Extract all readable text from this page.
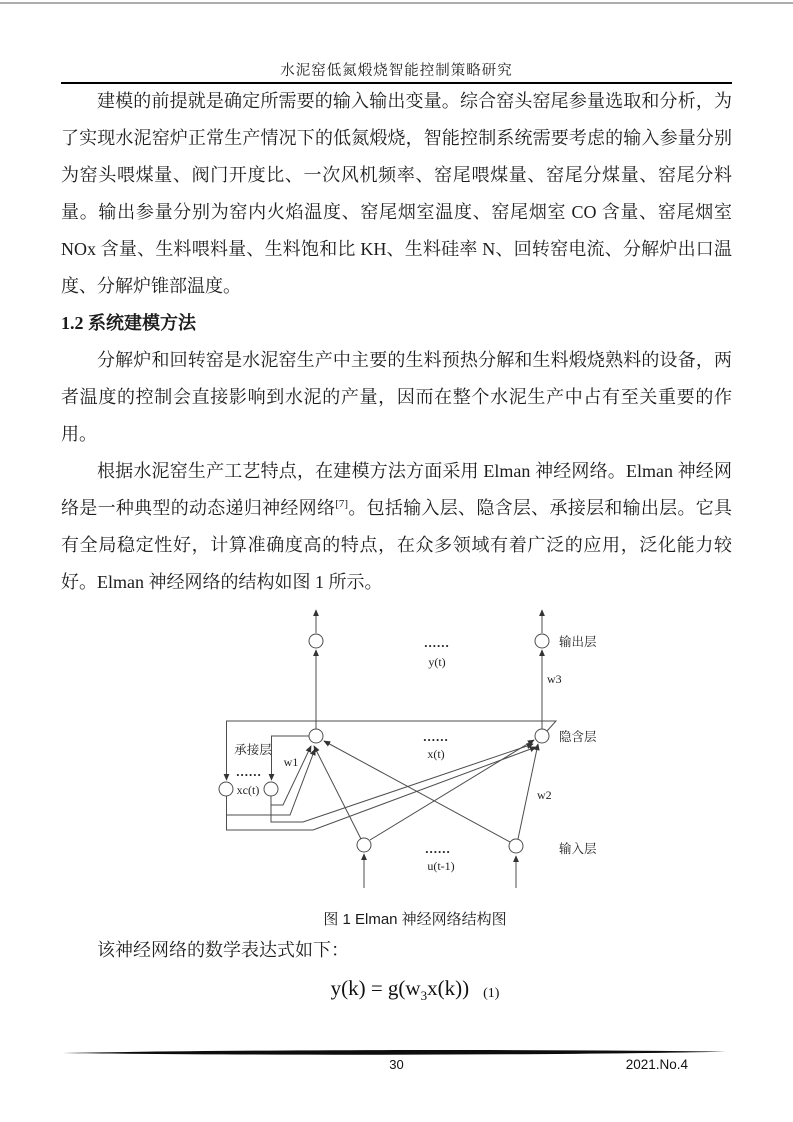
水泥窑低氮煅烧智能控制策略研究

建模的前提就是确定所需要的输入输出变量。综合窑头窑尾参量选取和分析，为了实现水泥窑炉正常生产情况下的低氮煅烧，智能控制系统需要考虑的输入参量分别为窑头喂煤量、阀门开度比、一次风机频率、窑尾喂煤量、窑尾分煤量、窑尾分料量。输出参量分别为窑内火焰温度、窑尾烟室温度、窑尾烟室 CO 含量、窑尾烟室 NOx 含量、生料喂料量、生料饱和比 KH、生料硅率 N、回转窑电流、分解炉出口温度、分解炉锥部温度。

1.2 系统建模方法

分解炉和回转窑是水泥窑生产中主要的生料预热分解和生料煅烧熟料的设备，两者温度的控制会直接影响到水泥的产量，因而在整个水泥生产中占有至关重要的作用。

根据水泥窑生产工艺特点，在建模方法方面采用 Elman 神经网络。Elman 神经网络是一种典型的动态递归神经网络[7]。包括输入层、隐含层、承接层和输出层。它具有全局稳定性好，计算准确度高的特点，在众多领域有着广泛的应用，泛化能力较好。Elman 神经网络的结构如图 1 所示。

......
y(t)
输出层
w3
......
x(t)
隐含层
承接层
......
xc(t)
w1
w2
......
u(t-1)
输入层
图 1 Elman 神经网络结构图

该神经网络的数学表达式如下：

$y(k) = g(w_3x(k))$ (1)
30	2021.No.4
